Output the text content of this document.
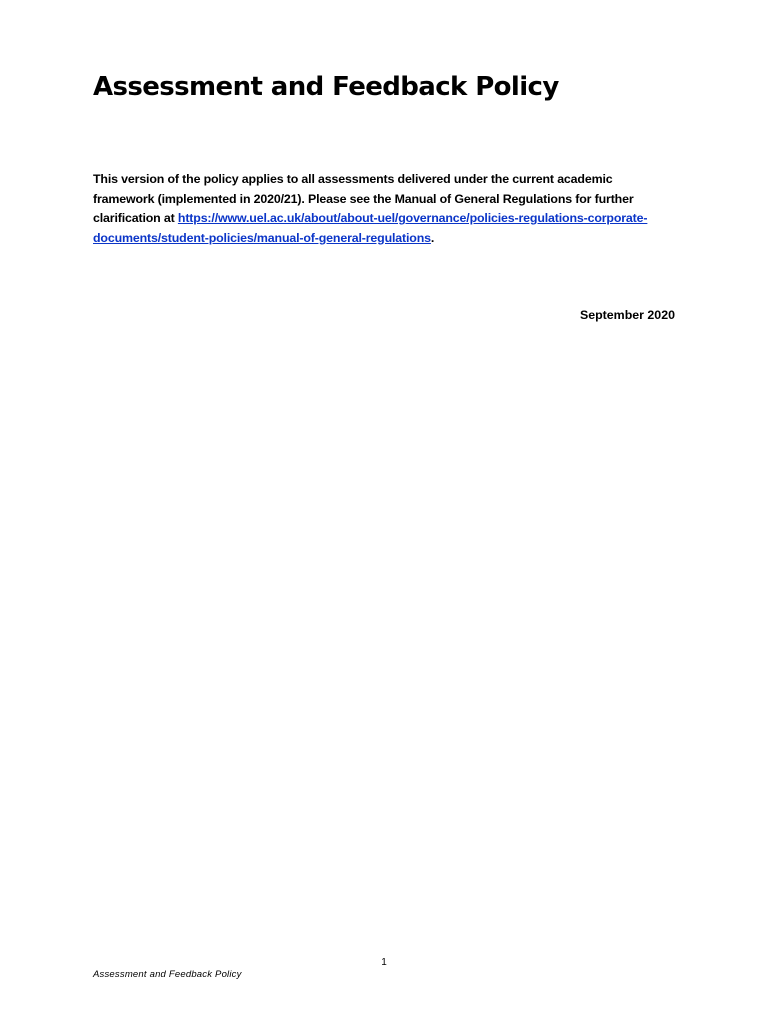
Assessment and Feedback Policy

This version of the policy applies to all assessments delivered under the current academic
framework (implemented in 2020/21). Please see the Manual of General Regulations for further
clarification at https://www.uel.ac.uk/about/about-uel/governance/policies-regulations-corporate-
documents/student-policies/manual-of-general-regulations.

September 2020

1
Assessment and Feedback Policy
